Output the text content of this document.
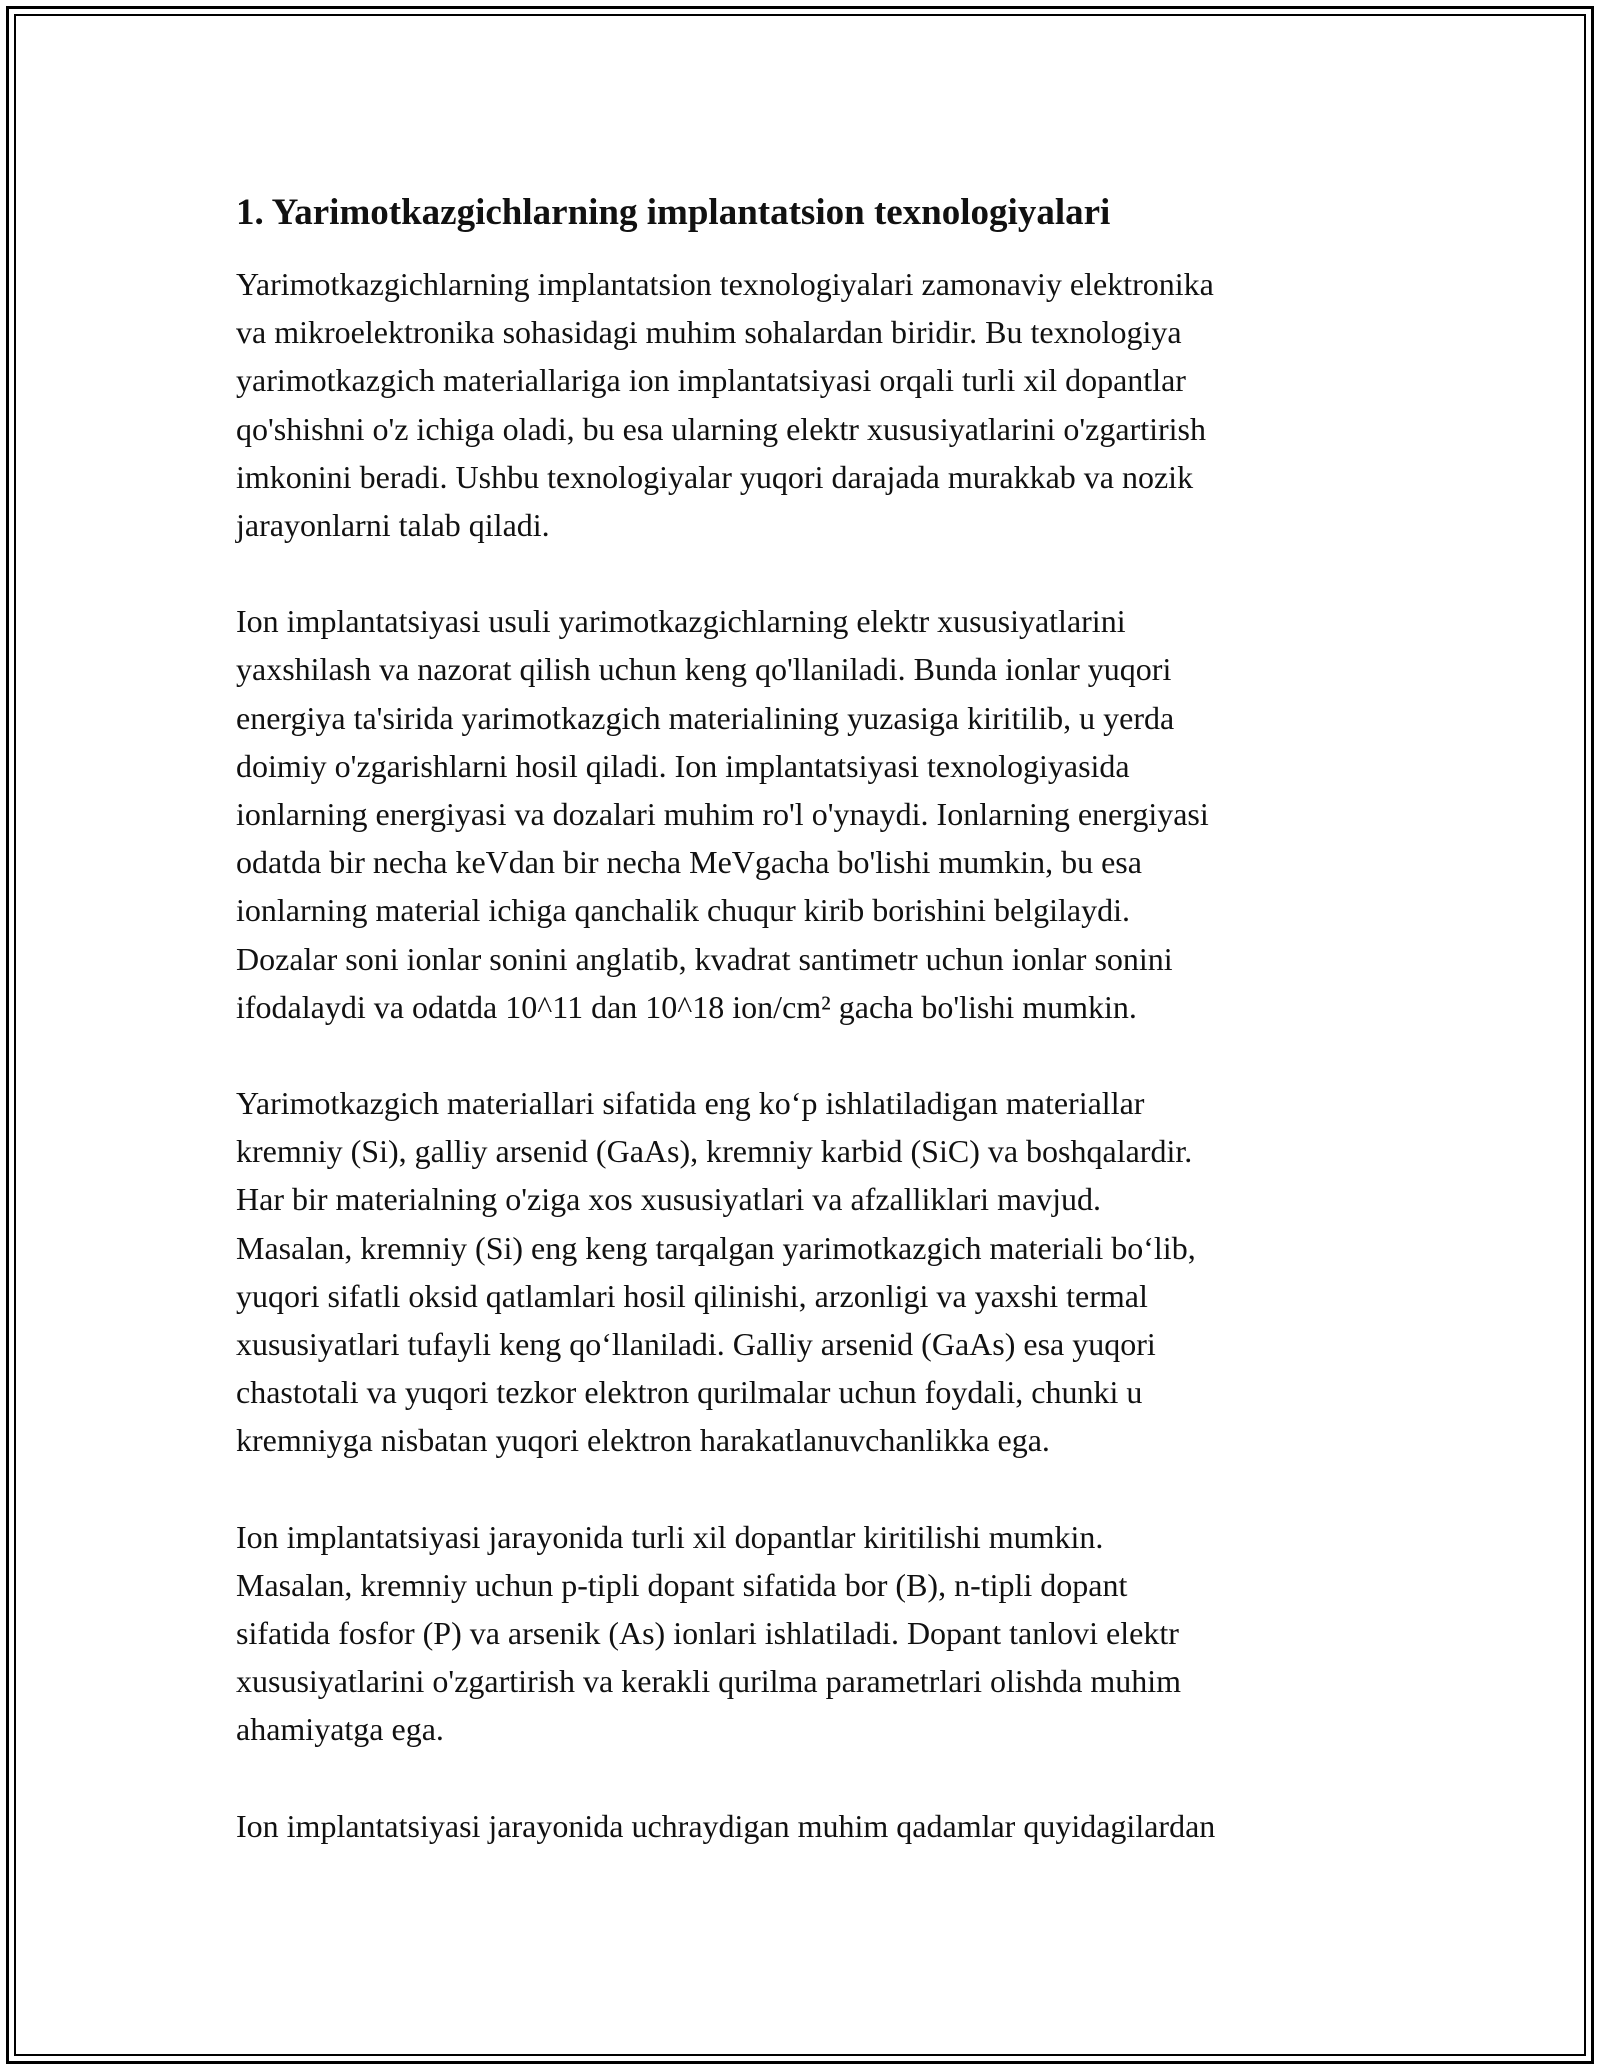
1. Yarimotkazgichlarning implantatsion texnologiyalari

Yarimotkazgichlarning implantatsion texnologiyalari zamonaviy elektronika
va mikroelektronika sohasidagi muhim sohalardan biridir. Bu texnologiya
yarimotkazgich materiallariga ion implantatsiyasi orqali turli xil dopantlar
qo'shishni o'z ichiga oladi, bu esa ularning elektr xususiyatlarini o'zgartirish
imkonini beradi. Ushbu texnologiyalar yuqori darajada murakkab va nozik
jarayonlarni talab qiladi.

Ion implantatsiyasi usuli yarimotkazgichlarning elektr xususiyatlarini
yaxshilash va nazorat qilish uchun keng qo'llaniladi. Bunda ionlar yuqori
energiya ta'sirida yarimotkazgich materialining yuzasiga kiritilib, u yerda
doimiy o'zgarishlarni hosil qiladi. Ion implantatsiyasi texnologiyasida
ionlarning energiyasi va dozalari muhim ro'l o'ynaydi. Ionlarning energiyasi
odatda bir necha keVdan bir necha MeVgacha bo'lishi mumkin, bu esa
ionlarning material ichiga qanchalik chuqur kirib borishini belgilaydi.
Dozalar soni ionlar sonini anglatib, kvadrat santimetr uchun ionlar sonini
ifodalaydi va odatda 10^11 dan 10^18 ion/cm² gacha bo'lishi mumkin.

Yarimotkazgich materiallari sifatida eng ko‘p ishlatiladigan materiallar
kremniy (Si), galliy arsenid (GaAs), kremniy karbid (SiC) va boshqalardir.
Har bir materialning o'ziga xos xususiyatlari va afzalliklari mavjud.
Masalan, kremniy (Si) eng keng tarqalgan yarimotkazgich materiali bo‘lib,
yuqori sifatli oksid qatlamlari hosil qilinishi, arzonligi va yaxshi termal
xususiyatlari tufayli keng qo‘llaniladi. Galliy arsenid (GaAs) esa yuqori
chastotali va yuqori tezkor elektron qurilmalar uchun foydali, chunki u
kremniyga nisbatan yuqori elektron harakatlanuvchanlikka ega.

Ion implantatsiyasi jarayonida turli xil dopantlar kiritilishi mumkin.
Masalan, kremniy uchun p-tipli dopant sifatida bor (B), n-tipli dopant
sifatida fosfor (P) va arsenik (As) ionlari ishlatiladi. Dopant tanlovi elektr
xususiyatlarini o'zgartirish va kerakli qurilma parametrlari olishda muhim
ahamiyatga ega.

Ion implantatsiyasi jarayonida uchraydigan muhim qadamlar quyidagilardan
